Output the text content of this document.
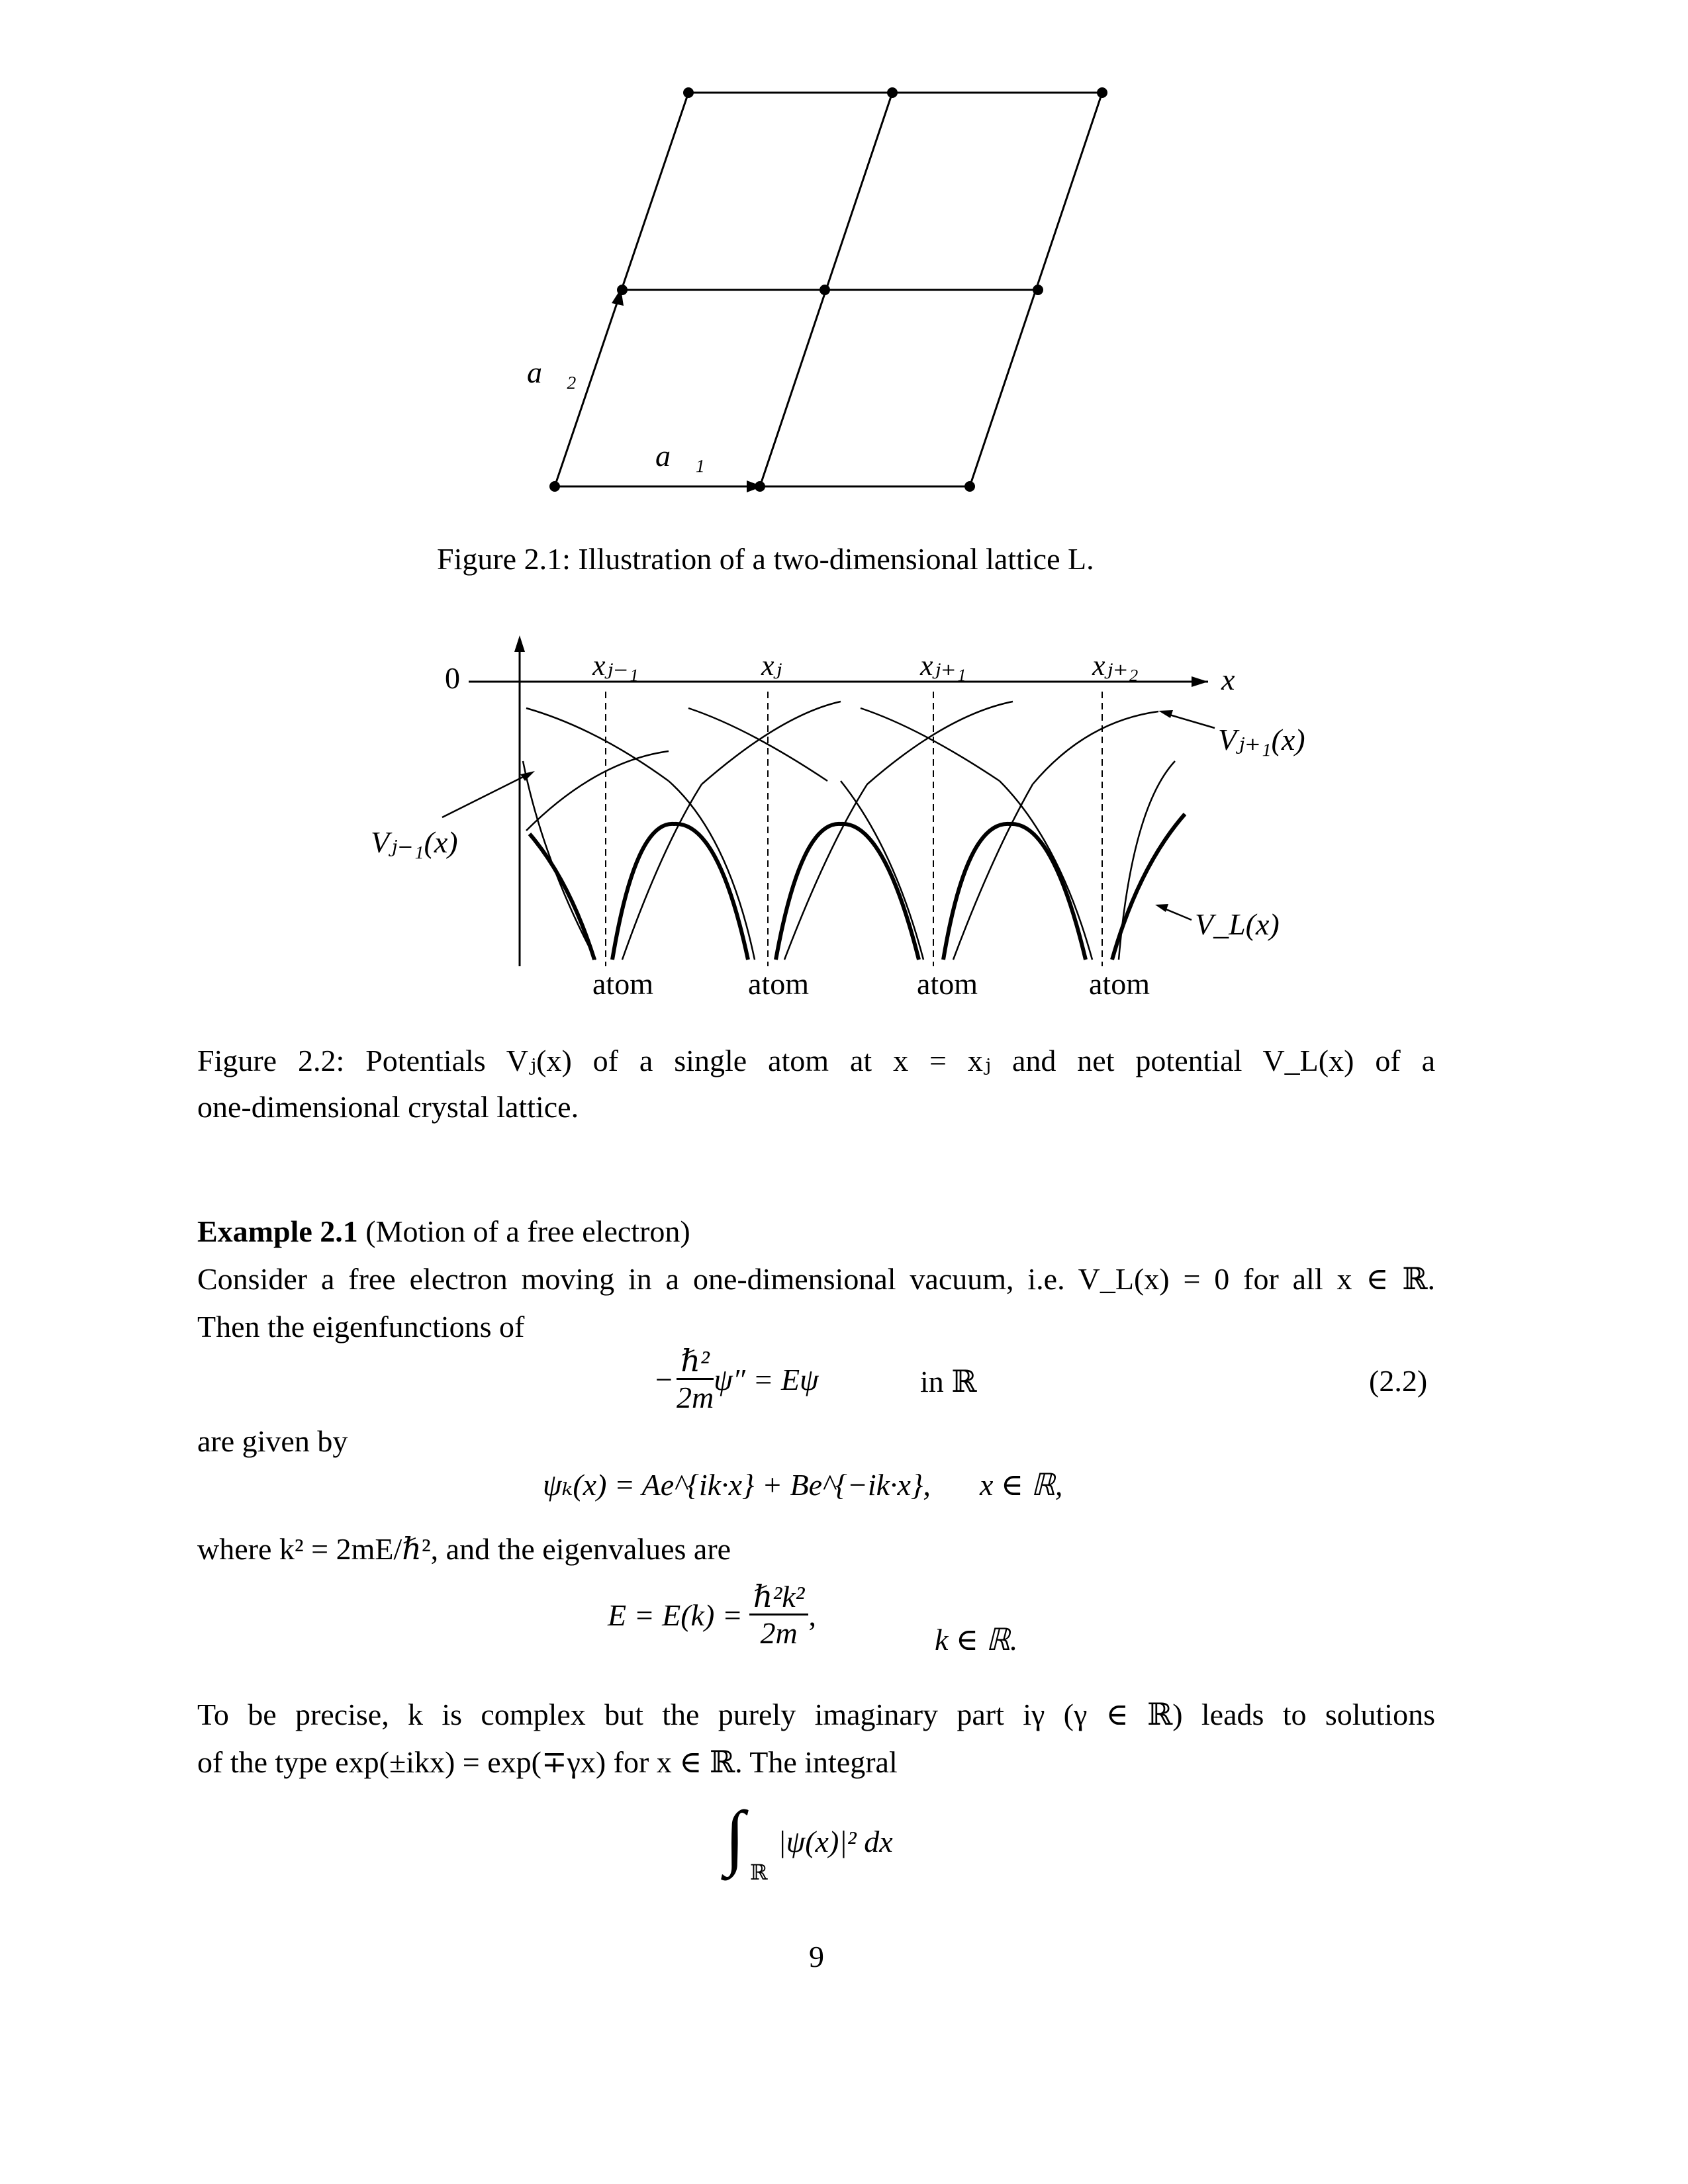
a⃗₂
a⃗₁
Figure 2.1: Illustration of a two-dimensional lattice L.
0	x
xⱼ₋₁	xⱼ	xⱼ₊₁	xⱼ₊₂
Vⱼ₋₁(x)
Vⱼ₊₁(x)
V_L(x)
atom	atom	atom	atom
Figure 2.2: Potentials Vⱼ(x) of a single atom at x = xⱼ and net potential V_L(x) of a
one-dimensional crystal lattice.
Example 2.1 (Motion of a free electron)
Consider a free electron moving in a one-dimensional vacuum, i.e. V_L(x) = 0 for all x ∈ ℝ.
Then the eigenfunctions of
− $\frac{\text{ℏ²}}{2m} \psi'' = E\psi$	in ℝ	(2.2)
are given by
ψₖ(x) = Ae^{ik·x} + Be^{−ik·x}, x ∈ ℝ,
where k² = 2mE/ℏ², and the eigenvalues are
$E = E(k) = \frac{\text{ℏ²k²}}{2m}$ ,
k ∈ ℝ.
To be precise, k is complex but the purely imaginary part iγ (γ ∈ ℝ) leads to solutions
of the type exp(±ikx) = exp(∓γx) for x ∈ ℝ. The integral
∫ ℝ
|ψ(x)|² dx
9
